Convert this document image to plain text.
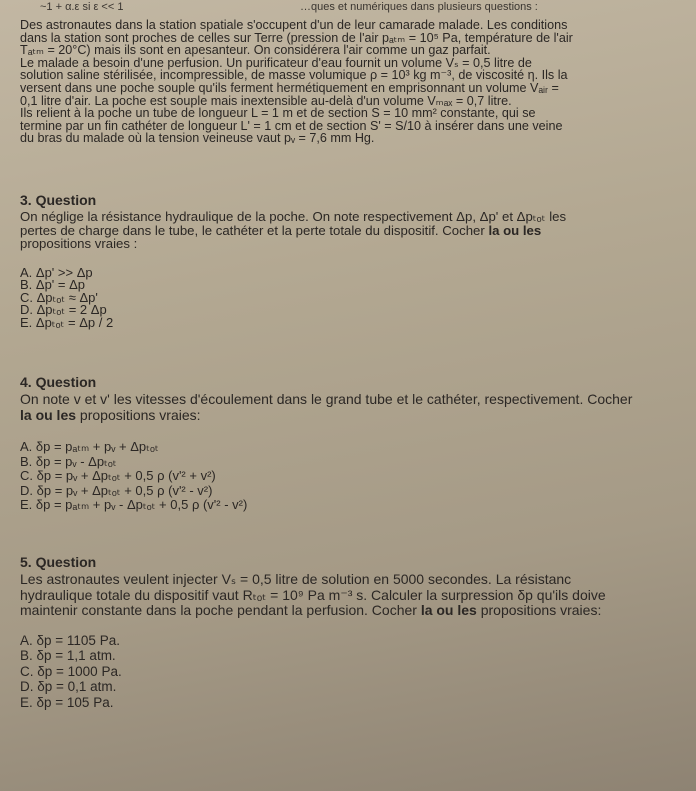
~1 + α.ε si ε << 1	…ques et numériques dans plusieurs questions :
Des astronautes dans la station spatiale s'occupent d'un de leur camarade malade. Les conditions
dans la station sont proches de celles sur Terre (pression de l'air pₐₜₘ = 10⁵ Pa, température de l'air
Tₐₜₘ = 20°C) mais ils sont en apesanteur. On considérera l'air comme un gaz parfait.
Le malade a besoin d'une perfusion. Un purificateur d'eau fournit un volume Vₛ = 0,5 litre de
solution saline stérilisée, incompressible, de masse volumique ρ = 10³ kg m⁻³, de viscosité η. Ils la
versent dans une poche souple qu'ils ferment hermétiquement en emprisonnant un volume Vₐᵢᵣ =
0,1 litre d'air. La poche est souple mais inextensible au-delà d'un volume Vₘₐₓ = 0,7 litre.
Ils relient à la poche un tube de longueur L = 1 m et de section S = 10 mm² constante, qui se
termine par un fin cathéter de longueur L' = 1 cm et de section S' = S/10 à insérer dans une veine
du bras du malade où la tension veineuse vaut pᵥ = 7,6 mm Hg.
3. Question
On néglige la résistance hydraulique de la poche. On note respectivement Δp, Δp' et Δpₜₒₜ les
pertes de charge dans le tube, le cathéter et la perte totale du dispositif. Cocher la ou les
propositions vraies :
A. Δp' >> Δp
B. Δp' = Δp
C. Δpₜₒₜ ≈ Δp'
D. Δpₜₒₜ = 2 Δp
E. Δpₜₒₜ = Δp / 2
4. Question
On note v et v' les vitesses d'écoulement dans le grand tube et le cathéter, respectivement. Cocher
la ou les propositions vraies:
A. δp = pₐₜₘ + pᵥ + Δpₜₒₜ
B. δp = pᵥ - Δpₜₒₜ
C. δp = pᵥ + Δpₜₒₜ + 0,5 ρ (v'² + v²)
D. δp = pᵥ + Δpₜₒₜ + 0,5 ρ (v'² - v²)
E. δp = pₐₜₘ + pᵥ - Δpₜₒₜ + 0,5 ρ (v'² - v²)
5. Question
Les astronautes veulent injecter Vₛ = 0,5 litre de solution en 5000 secondes. La résistanc
hydraulique totale du dispositif vaut Rₜₒₜ = 10⁹ Pa m⁻³ s. Calculer la surpression δp qu'ils doive
maintenir constante dans la poche pendant la perfusion. Cocher la ou les propositions vraies:
A. δp = 1105 Pa.
B. δp = 1,1 atm.
C. δp = 1000 Pa.
D. δp = 0,1 atm.
E. δp = 105 Pa.
